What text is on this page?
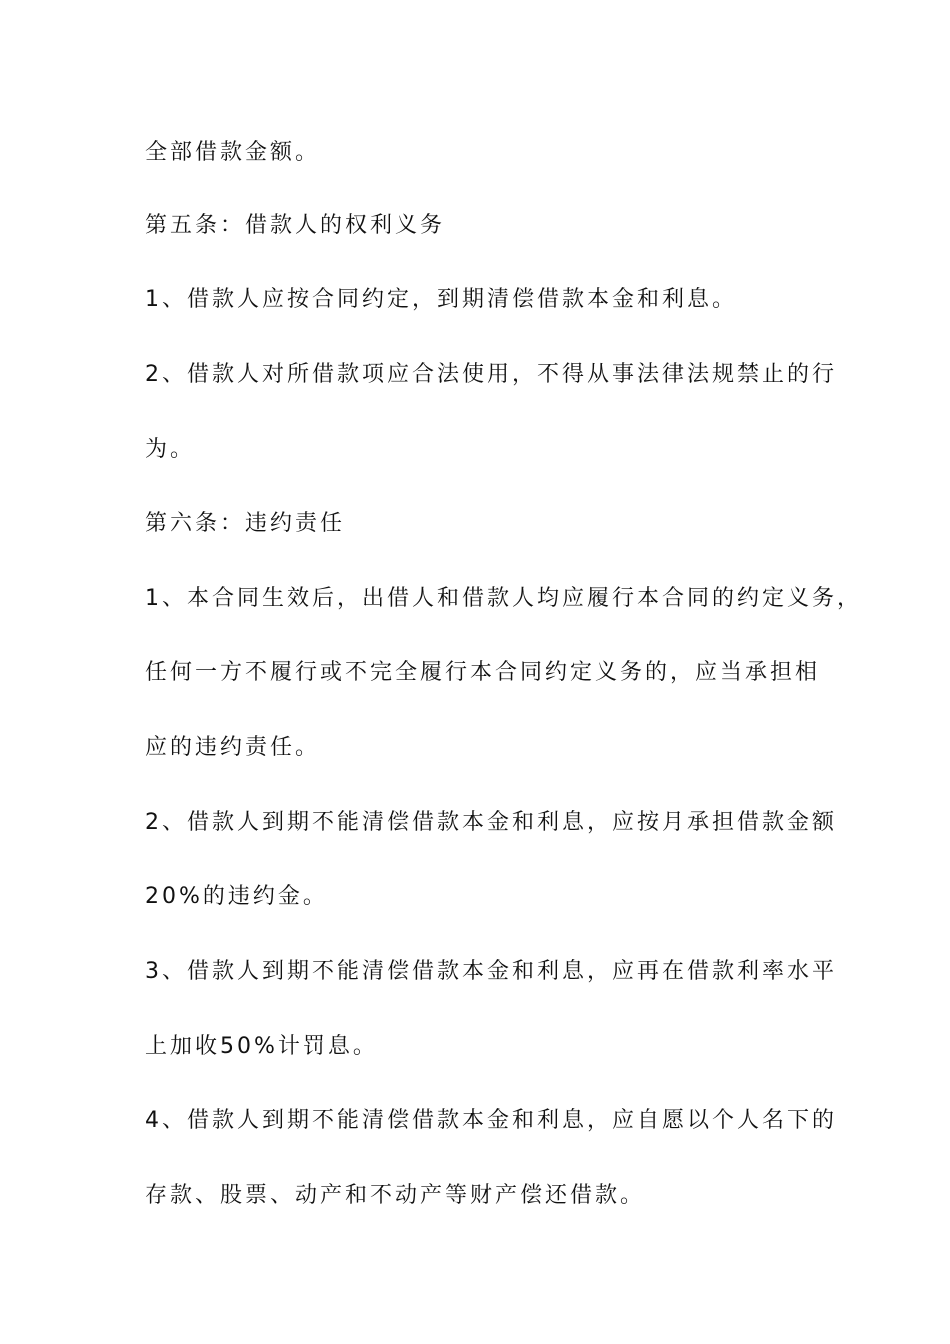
全部借款金额。
第五条：借款人的权利义务
1、借款人应按合同约定，到期清偿借款本金和利息。
2、借款人对所借款项应合法使用，不得从事法律法规禁止的行
为。
第六条：违约责任
1、本合同生效后，出借人和借款人均应履行本合同的约定义务，
任何一方不履行或不完全履行本合同约定义务的，应当承担相
应的违约责任。
2、借款人到期不能清偿借款本金和利息，应按月承担借款金额
20%的违约金。
3、借款人到期不能清偿借款本金和利息，应再在借款利率水平
上加收50%计罚息。
4、借款人到期不能清偿借款本金和利息，应自愿以个人名下的
存款、股票、动产和不动产等财产偿还借款。
